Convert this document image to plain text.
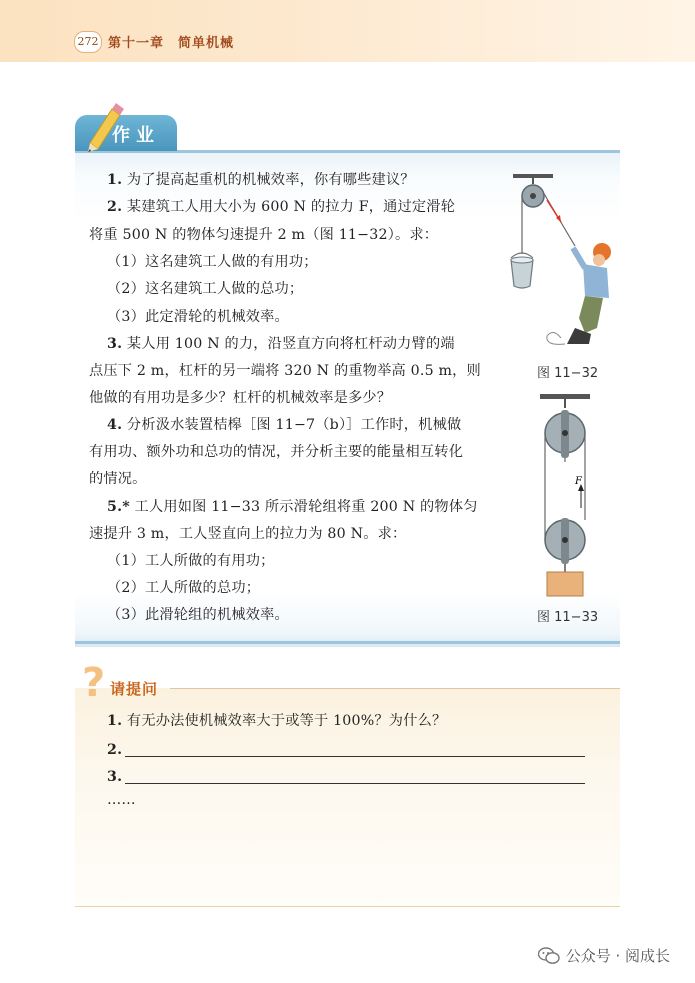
272 第十一章 简单机械
作业
1. 为了提高起重机的机械效率，你有哪些建议？
2. 某建筑工人用大小为 600 N 的拉力 F，通过定滑轮
将重 500 N 的物体匀速提升 2 m（图 11−32）。求：
（1）这名建筑工人做的有用功；
（2）这名建筑工人做的总功；
（3）此定滑轮的机械效率。
3. 某人用 100 N 的力，沿竖直方向将杠杆动力臂的端
点压下 2 m，杠杆的另一端将 320 N 的重物举高 0.5 m，则
他做的有用功是多少？杠杆的机械效率是多少？
4. 分析汲水装置桔槔［图 11−7（b）］工作时，机械做
有用功、额外功和总功的情况，并分析主要的能量相互转化
的情况。
5.* 工人用如图 11−33 所示滑轮组将重 200 N 的物体匀
速提升 3 m，工人竖直向上的拉力为 80 N。求：
（1）工人所做的有用功；
（2）工人所做的总功；
（3）此滑轮组的机械效率。
图 11−32
F
图 11−33
? 请提问
1. 有无办法使机械效率大于或等于 100%？为什么？
2.
3.
……
公众号 · 阅成长
